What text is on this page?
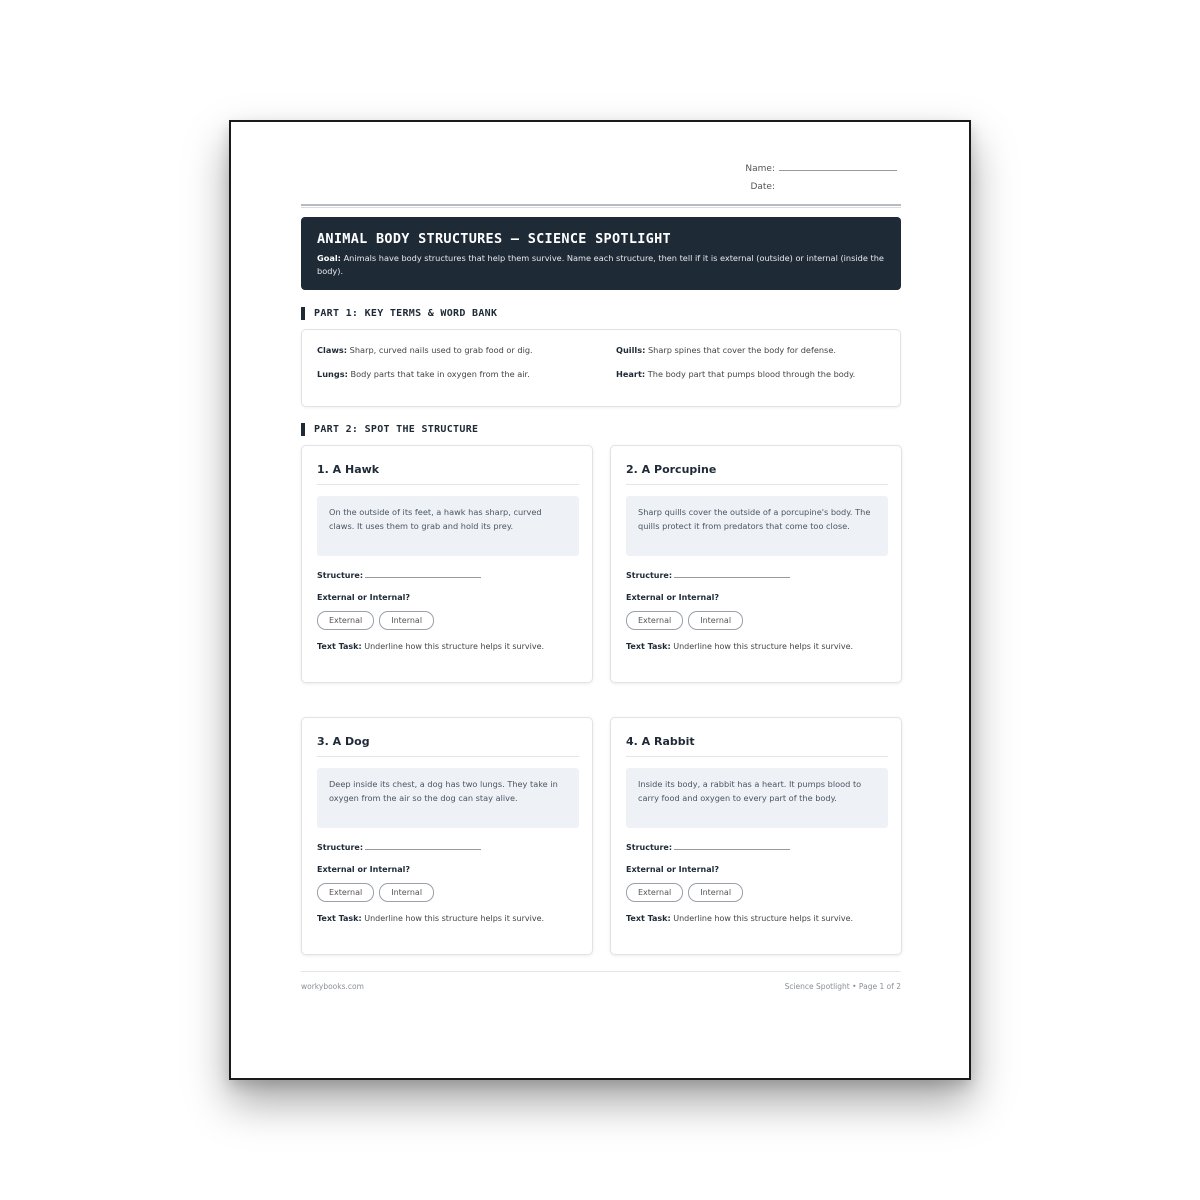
Name:
Date:
ANIMAL BODY STRUCTURES — SCIENCE SPOTLIGHT
Goal: Animals have body structures that help them survive. Name each structure, then tell if it is external (outside) or internal (inside the body).
PART 1: KEY TERMS & WORD BANK
Claws: Sharp, curved nails used to grab food or dig.
Lungs: Body parts that take in oxygen from the air.
Quills: Sharp spines that cover the body for defense.
Heart: The body part that pumps blood through the body.
PART 2: SPOT THE STRUCTURE
1. A Hawk
On the outside of its feet, a hawk has sharp, curved claws. It uses them to grab and hold its prey.
Structure:
External or Internal?
External	Internal
Text Task: Underline how this structure helps it survive.
2. A Porcupine
Sharp quills cover the outside of a porcupine's body. The quills protect it from predators that come too close.
Structure:
External or Internal?
External	Internal
Text Task: Underline how this structure helps it survive.
3. A Dog
Deep inside its chest, a dog has two lungs. They take in oxygen from the air so the dog can stay alive.
Structure:
External or Internal?
External	Internal
Text Task: Underline how this structure helps it survive.
4. A Rabbit
Inside its body, a rabbit has a heart. It pumps blood to carry food and oxygen to every part of the body.
Structure:
External or Internal?
External	Internal
Text Task: Underline how this structure helps it survive.
workybooks.com	Science Spotlight • Page 1 of 2
